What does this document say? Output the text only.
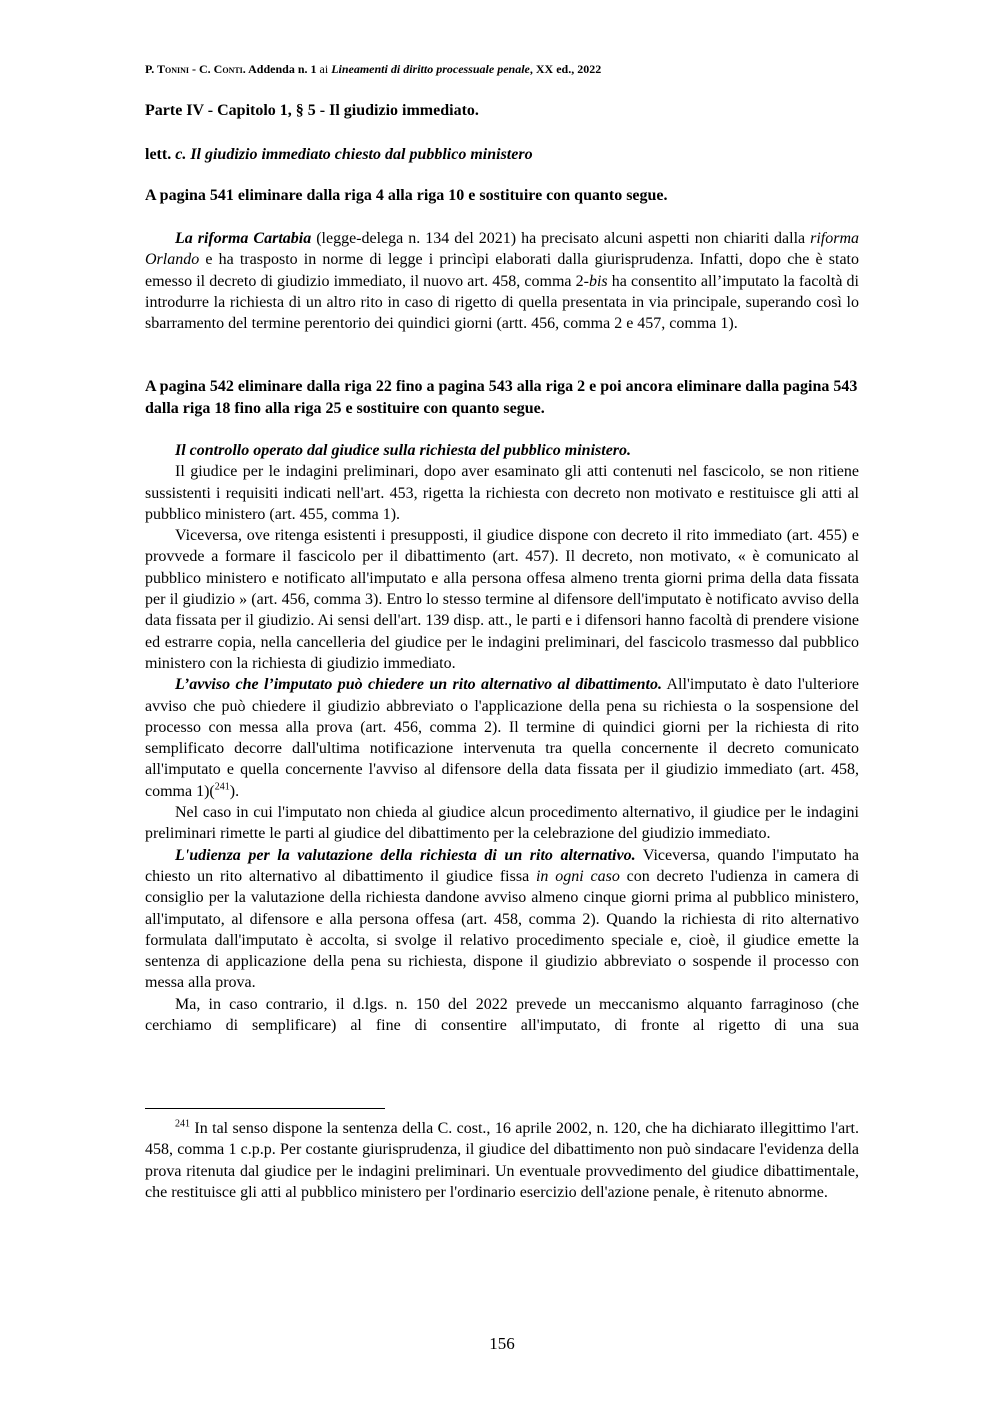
P. Tonini - C. Conti. Addenda n. 1 ai Lineamenti di diritto processuale penale, XX ed., 2022
Parte IV - Capitolo 1, § 5 - Il giudizio immediato.
lett. c. Il giudizio immediato chiesto dal pubblico ministero
A pagina 541 eliminare dalla riga 4 alla riga 10 e sostituire con quanto segue.

La riforma Cartabia (legge-delega n. 134 del 2021) ha precisato alcuni aspetti non chiariti dalla riforma Orlando e ha trasposto in norme di legge i princìpi elaborati dalla giurisprudenza. Infatti, dopo che è stato emesso il decreto di giudizio immediato, il nuovo art. 458, comma 2-bis ha consentito all’imputato la facoltà di introdurre la richiesta di un altro rito in caso di rigetto di quella presentata in via principale, superando così lo sbarramento del termine perentorio dei quindici giorni (artt. 456, comma 2 e 457, comma 1).

A pagina 542 eliminare dalla riga 22 fino a pagina 543 alla riga 2 e poi ancora eliminare dalla pagina 543 dalla riga 18 fino alla riga 25 e sostituire con quanto segue.

Il controllo operato dal giudice sulla richiesta del pubblico ministero.

Il giudice per le indagini preliminari, dopo aver esaminato gli atti contenuti nel fascicolo, se non ritiene sussistenti i requisiti indicati nell'art. 453, rigetta la richiesta con decreto non motivato e restituisce gli atti al pubblico ministero (art. 455, comma 1).

Viceversa, ove ritenga esistenti i presupposti, il giudice dispone con decreto il rito immediato (art. 455) e provvede a formare il fascicolo per il dibattimento (art. 457). Il decreto, non motivato, « è comunicato al pubblico ministero e notificato all'imputato e alla persona offesa almeno trenta giorni prima della data fissata per il giudizio » (art. 456, comma 3). Entro lo stesso termine al difensore dell'imputato è notificato avviso della data fissata per il giudizio. Ai sensi dell'art. 139 disp. att., le parti e i difensori hanno facoltà di prendere visione ed estrarre copia, nella cancelleria del giudice per le indagini preliminari, del fascicolo trasmesso dal pubblico ministero con la richiesta di giudizio immediato.

L’avviso che l’imputato può chiedere un rito alternativo al dibattimento. All'imputato è dato l'ulteriore avviso che può chiedere il giudizio abbreviato o l'applicazione della pena su richiesta o la sospensione del processo con messa alla prova (art. 456, comma 2). Il termine di quindici giorni per la richiesta di rito semplificato decorre dall'ultima notificazione intervenuta tra quella concernente il decreto comunicato all'imputato e quella concernente l'avviso al difensore della data fissata per il giudizio immediato (art. 458, comma 1)($^{241}$).

Nel caso in cui l'imputato non chieda al giudice alcun procedimento alternativo, il giudice per le indagini preliminari rimette le parti al giudice del dibattimento per la celebrazione del giudizio immediato.

L'udienza per la valutazione della richiesta di un rito alternativo. Viceversa, quando l'imputato ha chiesto un rito alternativo al dibattimento il giudice fissa in ogni caso con decreto l'udienza in camera di consiglio per la valutazione della richiesta dandone avviso almeno cinque giorni prima al pubblico ministero, all'imputato, al difensore e alla persona offesa (art. 458, comma 2). Quando la richiesta di rito alternativo formulata dall'imputato è accolta, si svolge il relativo procedimento speciale e, cioè, il giudice emette la sentenza di applicazione della pena su richiesta, dispone il giudizio abbreviato o sospende il processo con messa alla prova.

Ma, in caso contrario, il d.lgs. n. 150 del 2022 prevede un meccanismo alquanto farraginoso (che cerchiamo di semplificare) al fine di consentire all'imputato, di fronte al rigetto di una sua

$^{241}$ In tal senso dispone la sentenza della C. cost., 16 aprile 2002, n. 120, che ha dichiarato illegittimo l'art. 458, comma 1 c.p.p. Per costante giurisprudenza, il giudice del dibattimento non può sindacare l'evidenza della prova ritenuta dal giudice per le indagini preliminari. Un eventuale provvedimento del giudice dibattimentale, che restituisce gli atti al pubblico ministero per l'ordinario esercizio dell'azione penale, è ritenuto abnorme.

156
